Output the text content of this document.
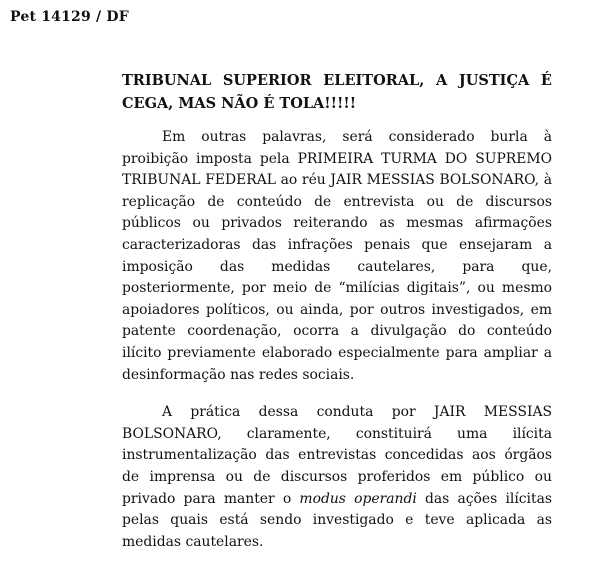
Pet 14129 / DF

TRIBUNAL SUPERIOR ELEITORAL, A JUSTIÇA É CEGA, MAS NÃO É TOLA!!!!!

Em outras palavras, será considerado burla à proibição imposta pela PRIMEIRA TURMA DO SUPREMO TRIBUNAL FEDERAL ao réu JAIR MESSIAS BOLSONARO, à replicação de conteúdo de entrevista ou de discursos públicos ou privados reiterando as mesmas afirmações caracterizadoras das infrações penais que ensejaram a imposição das medidas cautelares, para que, posteriormente, por meio de “milícias digitais”, ou mesmo apoiadores políticos, ou ainda, por outros investigados, em patente coordenação, ocorra a divulgação do conteúdo ilícito previamente elaborado especialmente para ampliar a desinformação nas redes sociais.

A prática dessa conduta por JAIR MESSIAS BOLSONARO, claramente, constituirá uma ilícita instrumentalização das entrevistas concedidas aos órgãos de imprensa ou de discursos proferidos em público ou privado para manter o modus operandi das ações ilícitas pelas quais está sendo investigado e teve aplicada as medidas cautelares.
